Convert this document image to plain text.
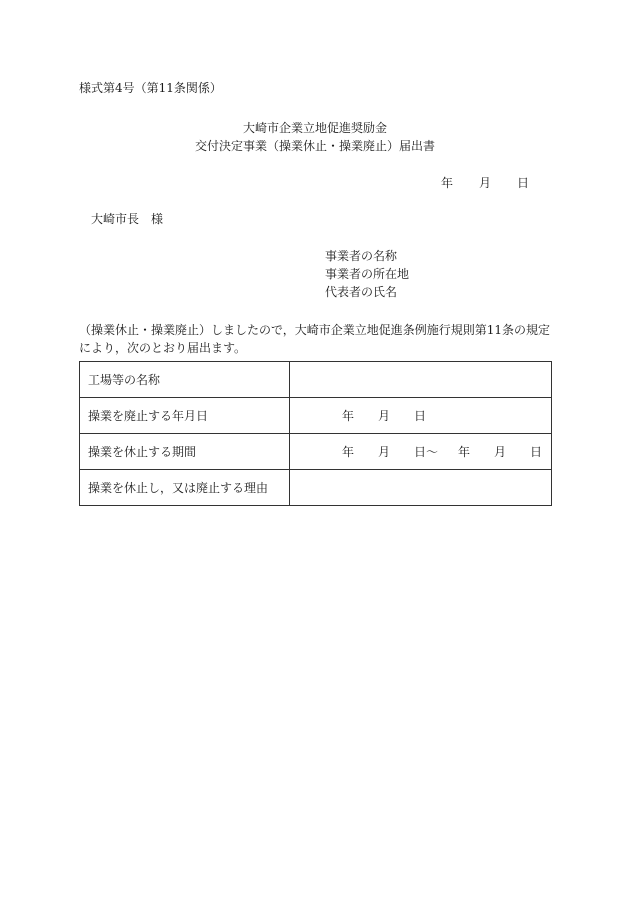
様式第4号（第11条関係）
大崎市企業立地促進奨励金
交付決定事業（操業休止・操業廃止）届出書
年 月 日
大崎市長　様
事業者の名称
事業者の所在地
代表者の氏名
（操業休止・操業廃止）しましたので，大崎市企業立地促進条例施行規則第11条の規定により，次のとおり届出ます。
工場等の名称	
操業を廃止する年月日	年 月 日
操業を休止する期間	年 月 日～ 年 月 日
操業を休止し，又は廃止する理由	
